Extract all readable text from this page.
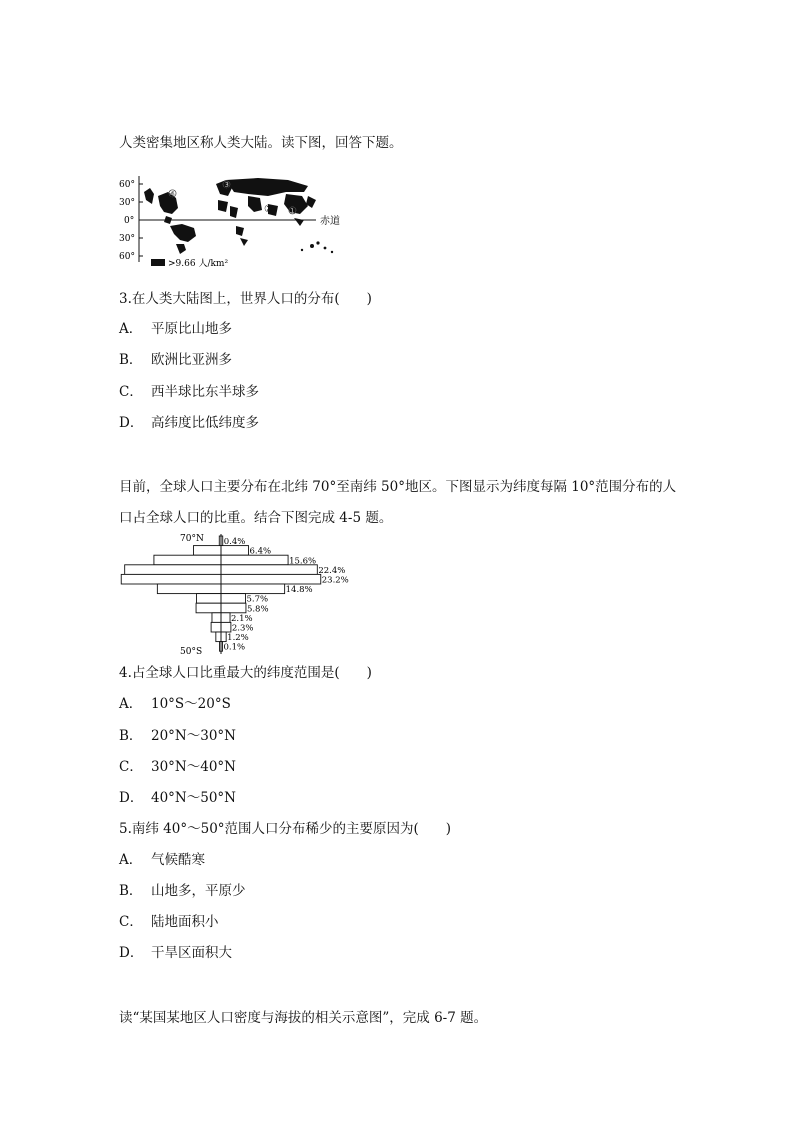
人类密集地区称人类大陆。读下图，回答下题。
60°
30°
0°
30°
60°
赤道
④
③
② ①
>9.66 人/km²
3.在人类大陆图上，世界人口的分布(　　)
A． 平原比山地多
B． 欧洲比亚洲多
C． 西半球比东半球多
D． 高纬度比低纬度多
目前，全球人口主要分布在北纬 70°至南纬 50°地区。下图显示为纬度每隔 10°范围分布的人
口占全球人口的比重。结合下图完成 4-5 题。
70°N
50°S
0.4%
6.4%
15.6%
22.4%
23.2%
14.8%
5.7%
5.8%
2.1%
2.3%
1.2%
0.1%
4.占全球人口比重最大的纬度范围是(　　)
A． 10°S～20°S
B． 20°N～30°N
C． 30°N～40°N
D． 40°N～50°N
5.南纬 40°～50°范围人口分布稀少的主要原因为(　　)
A． 气候酷寒
B． 山地多，平原少
C． 陆地面积小
D． 干旱区面积大
读“某国某地区人口密度与海拔的相关示意图”，完成 6-7 题。
